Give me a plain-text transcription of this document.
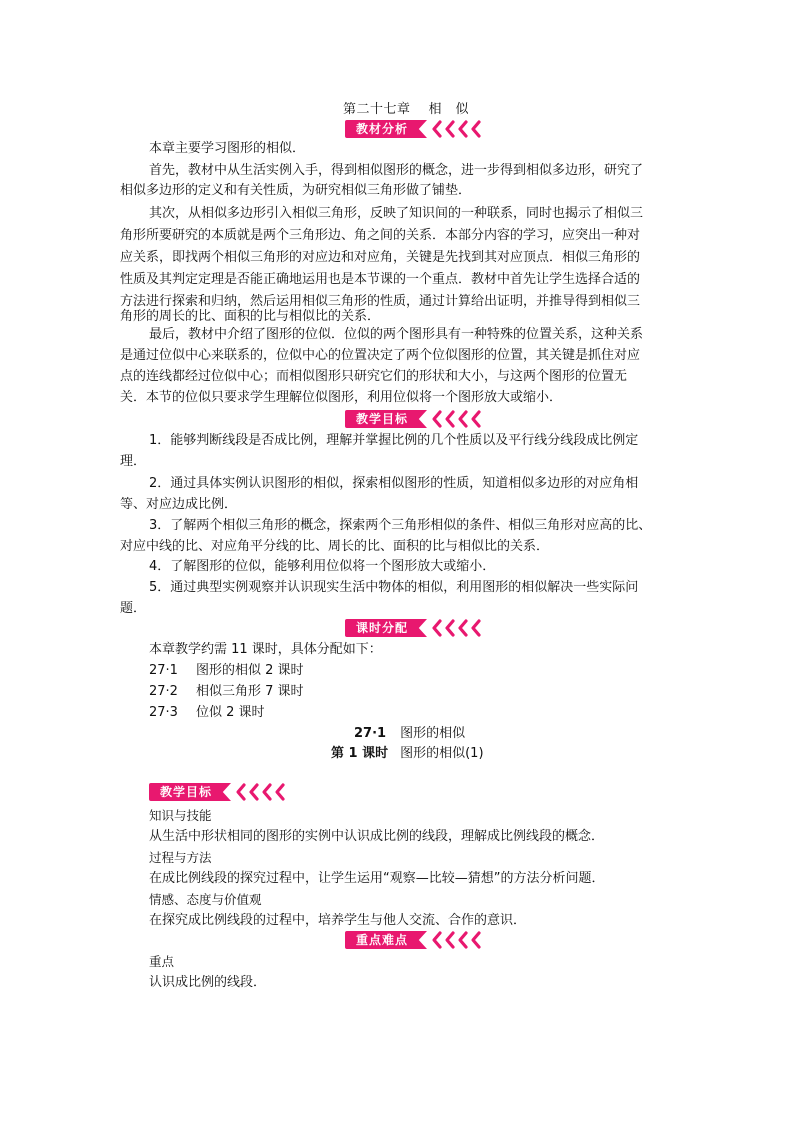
第二十七章 相　似
教材分析
本章主要学习图形的相似．
首先，教材中从生活实例入手，得到相似图形的概念，进一步得到相似多边形，研究了
相似多边形的定义和有关性质，为研究相似三角形做了铺垫．
其次，从相似多边形引入相似三角形，反映了知识间的一种联系，同时也揭示了相似三
角形所要研究的本质就是两个三角形边、角之间的关系．本部分内容的学习，应突出一种对
应关系，即找两个相似三角形的对应边和对应角，关键是先找到其对应顶点．相似三角形的
性质及其判定定理是否能正确地运用也是本节课的一个重点．教材中首先让学生选择合适的
方法进行探索和归纳，然后运用相似三角形的性质，通过计算给出证明，并推导得到相似三
角形的周长的比、面积的比与相似比的关系．
最后，教材中介绍了图形的位似．位似的两个图形具有一种特殊的位置关系，这种关系
是通过位似中心来联系的，位似中心的位置决定了两个位似图形的位置，其关键是抓住对应
点的连线都经过位似中心；而相似图形只研究它们的形状和大小，与这两个图形的位置无
关．本节的位似只要求学生理解位似图形，利用位似将一个图形放大或缩小．
教学目标
1．能够判断线段是否成比例，理解并掌握比例的几个性质以及平行线分线段成比例定
理．
2．通过具体实例认识图形的相似，探索相似图形的性质，知道相似多边形的对应角相
等、对应边成比例．
3．了解两个相似三角形的概念，探索两个三角形相似的条件、相似三角形对应高的比、
对应中线的比、对应角平分线的比、周长的比、面积的比与相似比的关系．
4．了解图形的位似，能够利用位似将一个图形放大或缩小．
5．通过典型实例观察并认识现实生活中物体的相似，利用图形的相似解决一些实际问
题．
课时分配
本章教学约需 11 课时，具体分配如下：
27·1 图形的相似 2 课时
27·2 相似三角形 7 课时
27·3 位似 2 课时
27·1 图形的相似
第 1 课时 图形的相似(1)
教学目标
知识与技能
从生活中形状相同的图形的实例中认识成比例的线段，理解成比例线段的概念．
过程与方法
在成比例线段的探究过程中，让学生运用“观察—比较—猜想”的方法分析问题．
情感、态度与价值观
在探究成比例线段的过程中，培养学生与他人交流、合作的意识．
重点难点
重点
认识成比例的线段．
